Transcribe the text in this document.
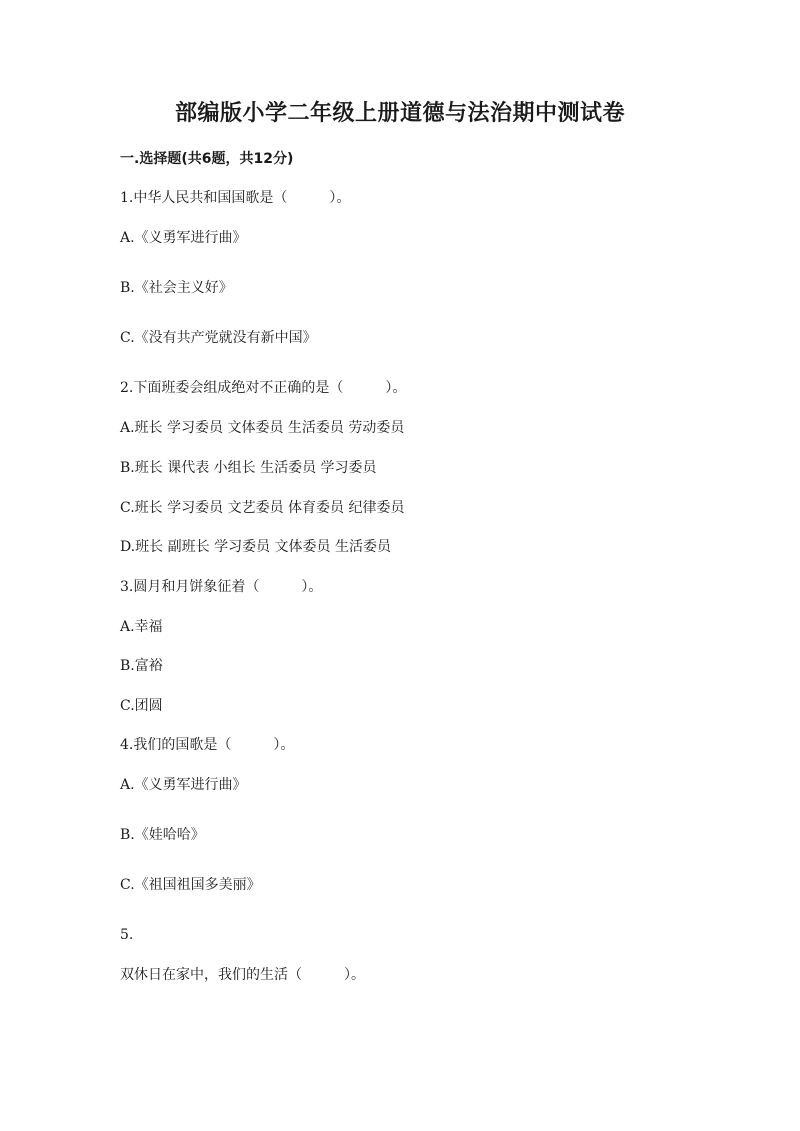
部编版小学二年级上册道德与法治期中测试卷
一.选择题(共6题，共12分)
1.中华人民共和国国歌是（　　　）。
A.《义勇军进行曲》
B.《社会主义好》
C.《没有共产党就没有新中国》
2.下面班委会组成绝对不正确的是（　　　）。
A.班长 学习委员 文体委员 生活委员 劳动委员
B.班长 课代表 小组长 生活委员 学习委员
C.班长 学习委员 文艺委员 体育委员 纪律委员
D.班长 副班长 学习委员 文体委员 生活委员
3.圆月和月饼象征着（　　　）。
A.幸福
B.富裕
C.团圆
4.我们的国歌是（　　　）。
A.《义勇军进行曲》
B.《娃哈哈》
C.《祖国祖国多美丽》
5.
双休日在家中，我们的生活（　　　）。
